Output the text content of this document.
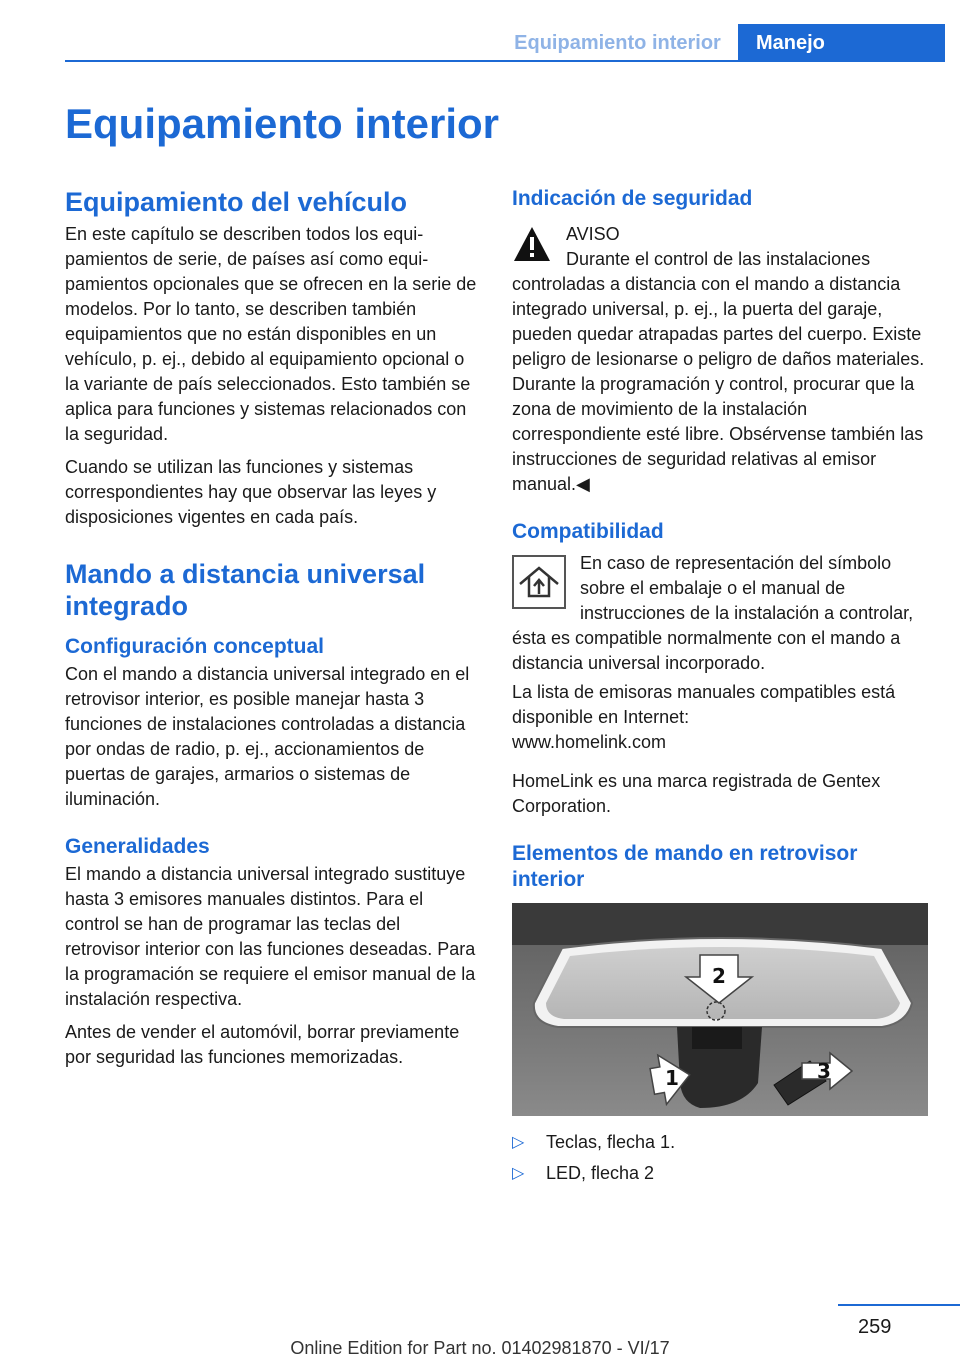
Equipamiento interior	Manejo
Equipamiento interior
Equipamiento del vehículo

En este capítulo se describen todos los equipamientos de serie, de países así como equipamientos opcionales que se ofrecen en la serie de modelos. Por lo tanto, se describen también equipamientos que no están disponibles en un vehículo, p. ej., debido al equipamiento opcional o la variante de país seleccionados. Esto también se aplica para funciones y sistemas relacionados con la seguridad.

Cuando se utilizan las funciones y sistemas correspondientes hay que observar las leyes y disposiciones vigentes en cada país.

Mando a distancia universal integrado
Configuración conceptual

Con el mando a distancia universal integrado en el retrovisor interior, es posible manejar hasta 3 funciones de instalaciones controladas a distancia por ondas de radio, p. ej., accionamientos de puertas de garajes, armarios o sistemas de iluminación.

Generalidades

El mando a distancia universal integrado sustituye hasta 3 emisores manuales distintos. Para el control se han de programar las teclas del retrovisor interior con las funciones deseadas. Para la programación se requiere el emisor manual de la instalación respectiva.

Antes de vender el automóvil, borrar previamente por seguridad las funciones memorizadas.

Indicación de seguridad
AVISO
Durante el control de las instalaciones controladas a distancia con el mando a distancia integrado universal, p. ej., la puerta del garaje, pueden quedar atrapadas partes del cuerpo. Existe peligro de lesionarse o peligro de daños materiales. Durante la programación y control, procurar que la zona de movimiento de la instalación correspondiente esté libre. Obsérvense también las instrucciones de seguridad relativas al emisor manual.◀
Compatibilidad
En caso de representación del símbolo sobre el embalaje o el manual de instrucciones de la instalación a controlar, ésta es compatible normalmente con el mando a distancia universal incorporado.

La lista de emisoras manuales compatibles está disponible en Internet:
www.homelink.com

HomeLink es una marca registrada de Gentex Corporation.

Elementos de mando en retrovisor interior
2
1	3
▷ Teclas, flecha 1.
▷ LED, flecha 2
259
Online Edition for Part no. 01402981870 - VI/17
